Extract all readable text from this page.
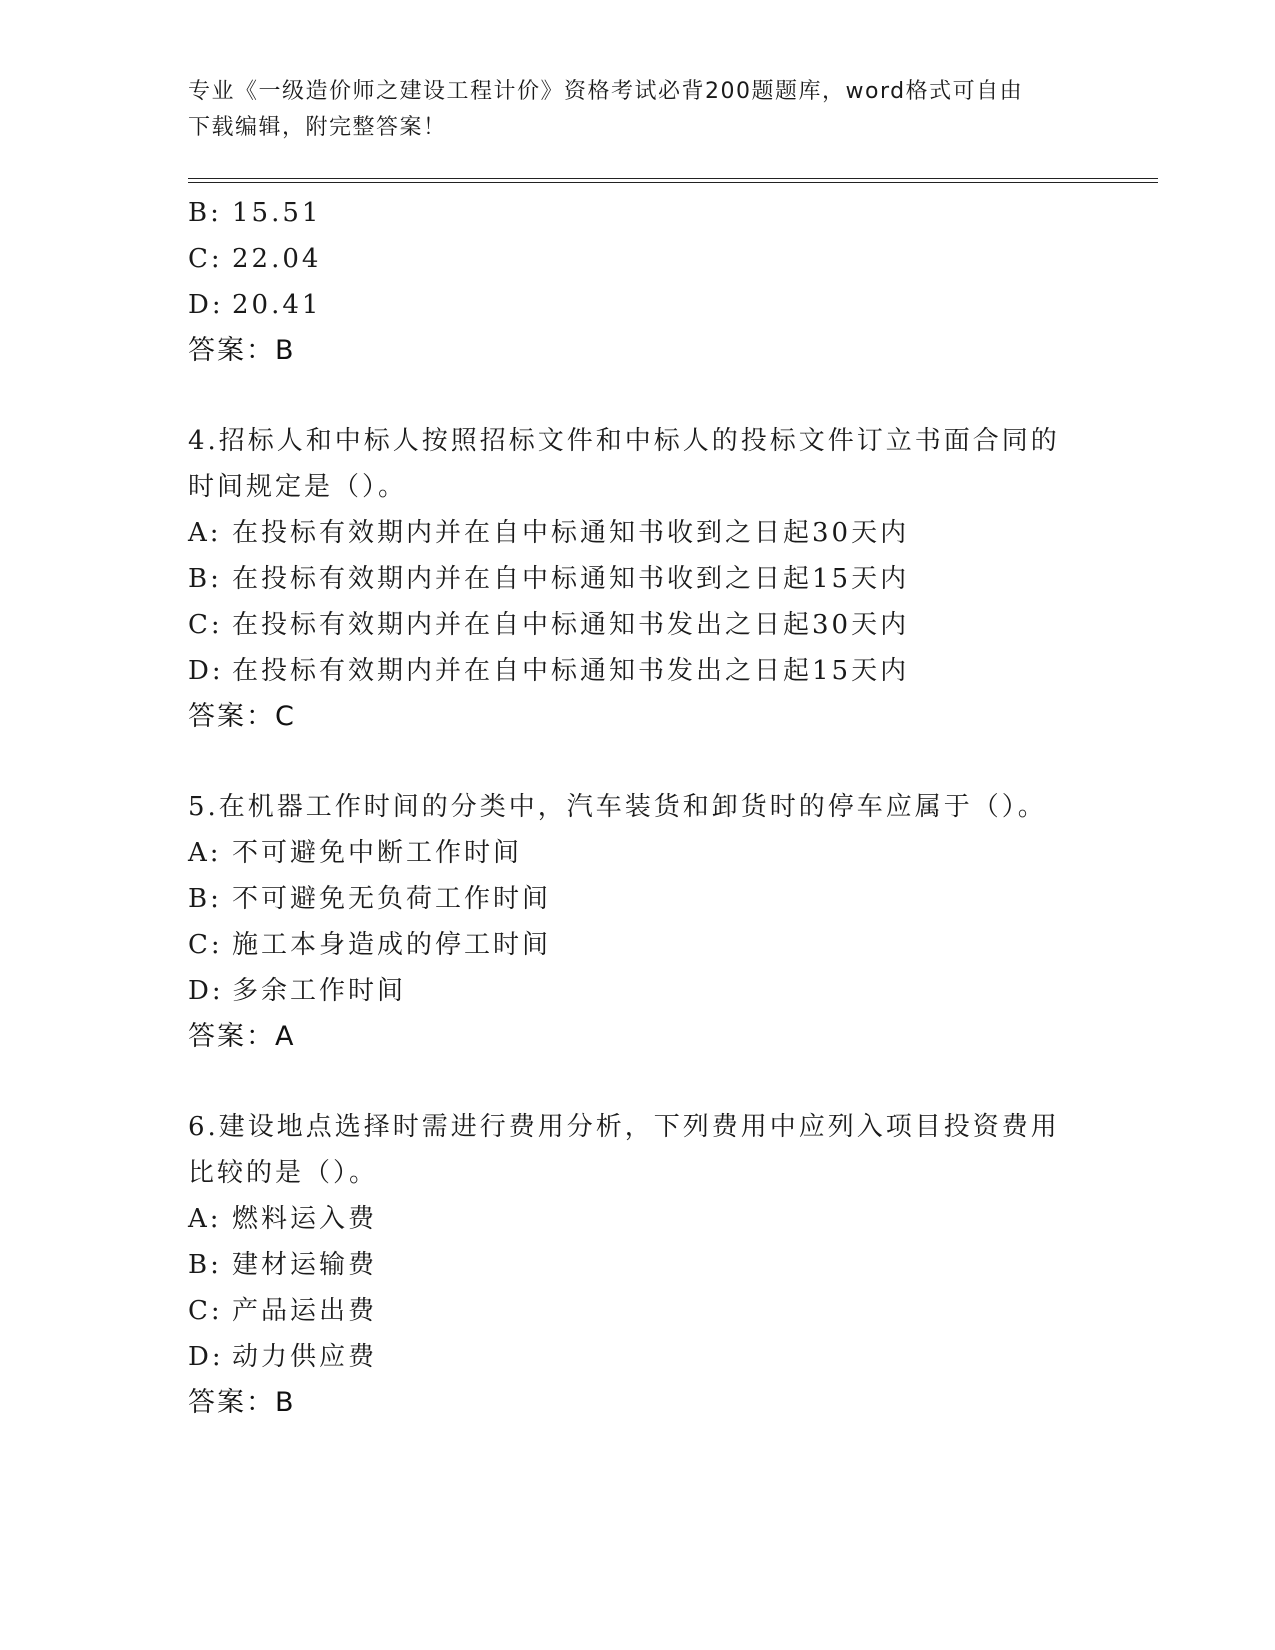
专业《一级造价师之建设工程计价》资格考试必背200题题库，word格式可自由
下载编辑，附完整答案！
B: 15.51
C: 22.04
D: 20.41
答案：B
4.招标人和中标人按照招标文件和中标人的投标文件订立书面合同的
时间规定是（）。
A: 在投标有效期内并在自中标通知书收到之日起30天内
B: 在投标有效期内并在自中标通知书收到之日起15天内
C: 在投标有效期内并在自中标通知书发出之日起30天内
D: 在投标有效期内并在自中标通知书发出之日起15天内
答案：C
5.在机器工作时间的分类中，汽车装货和卸货时的停车应属于（）。
A: 不可避免中断工作时间
B: 不可避免无负荷工作时间
C: 施工本身造成的停工时间
D: 多余工作时间
答案：A
6.建设地点选择时需进行费用分析，下列费用中应列入项目投资费用
比较的是（）。
A: 燃料运入费
B: 建材运输费
C: 产品运出费
D: 动力供应费
答案：B
